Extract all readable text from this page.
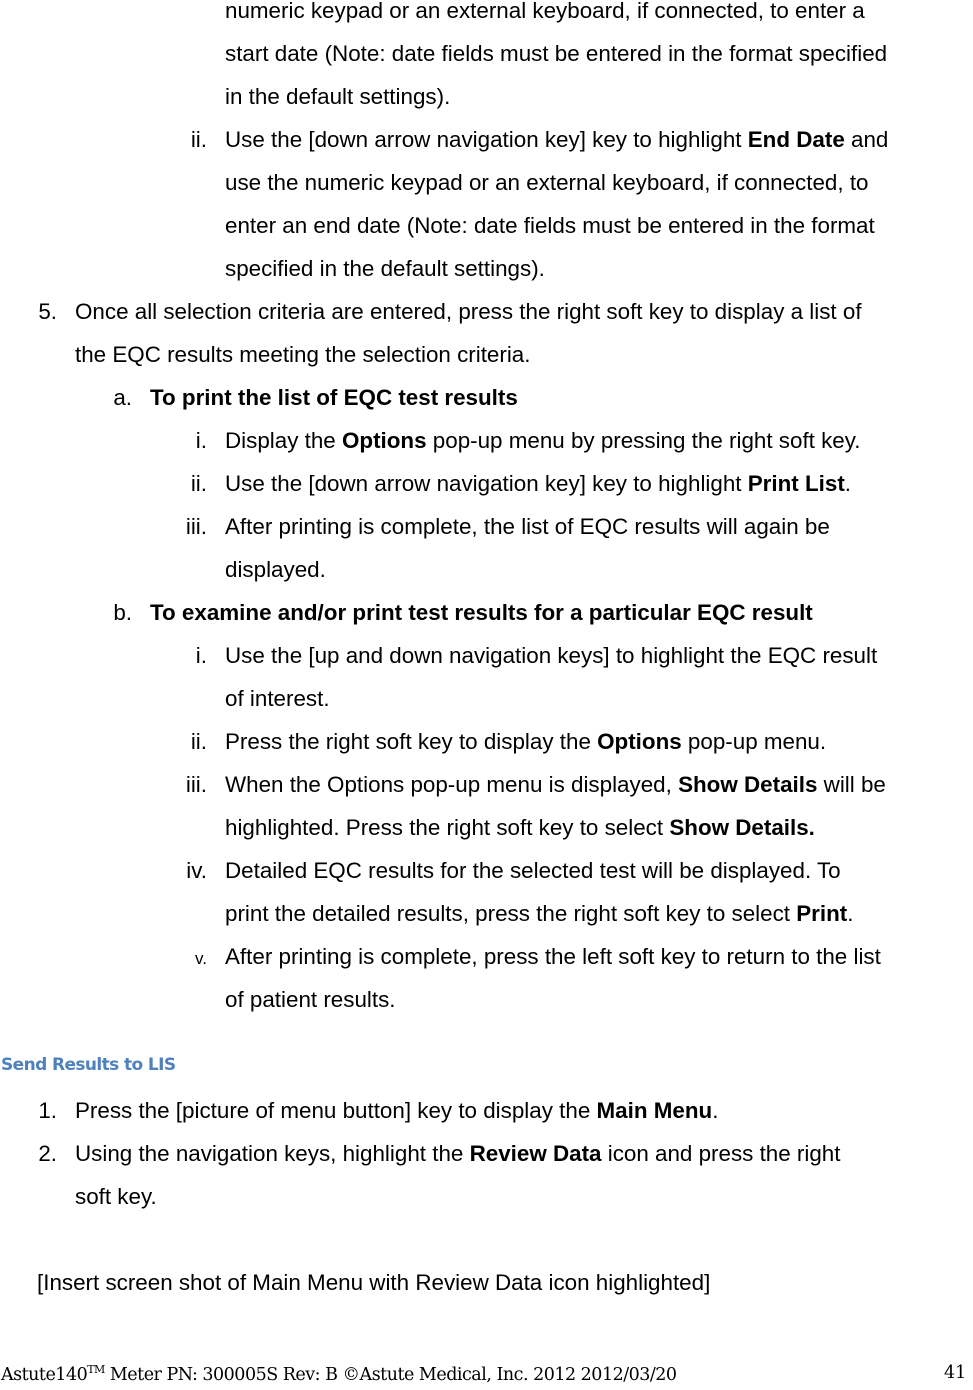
numeric keypad or an external keyboard, if connected, to enter a
start date (Note: date fields must be entered in the format specified
in the default settings).
ii. Use the [down arrow navigation key] key to highlight End Date and
use the numeric keypad or an external keyboard, if connected, to
enter an end date (Note: date fields must be entered in the format
specified in the default settings).
5. Once all selection criteria are entered, press the right soft key to display a list of
the EQC results meeting the selection criteria.
a. To print the list of EQC test results
i. Display the Options pop-up menu by pressing the right soft key.
ii. Use the [down arrow navigation key] key to highlight Print List.
iii. After printing is complete, the list of EQC results will again be
displayed.
b. To examine and/or print test results for a particular EQC result
i. Use the [up and down navigation keys] to highlight the EQC result
of interest.
ii. Press the right soft key to display the Options pop-up menu.
iii. When the Options pop-up menu is displayed, Show Details will be
highlighted. Press the right soft key to select Show Details.
iv. Detailed EQC results for the selected test will be displayed. To
print the detailed results, press the right soft key to select Print.
v. After printing is complete, press the left soft key to return to the list
of patient results.
Send Results to LIS
1. Press the [picture of menu button] key to display the Main Menu.
2. Using the navigation keys, highlight the Review Data icon and press the right
soft key.
[Insert screen shot of Main Menu with Review Data icon highlighted]
Astute140™ Meter PN: 300005S Rev: B ©Astute Medical, Inc. 2012 2012/03/20	41
